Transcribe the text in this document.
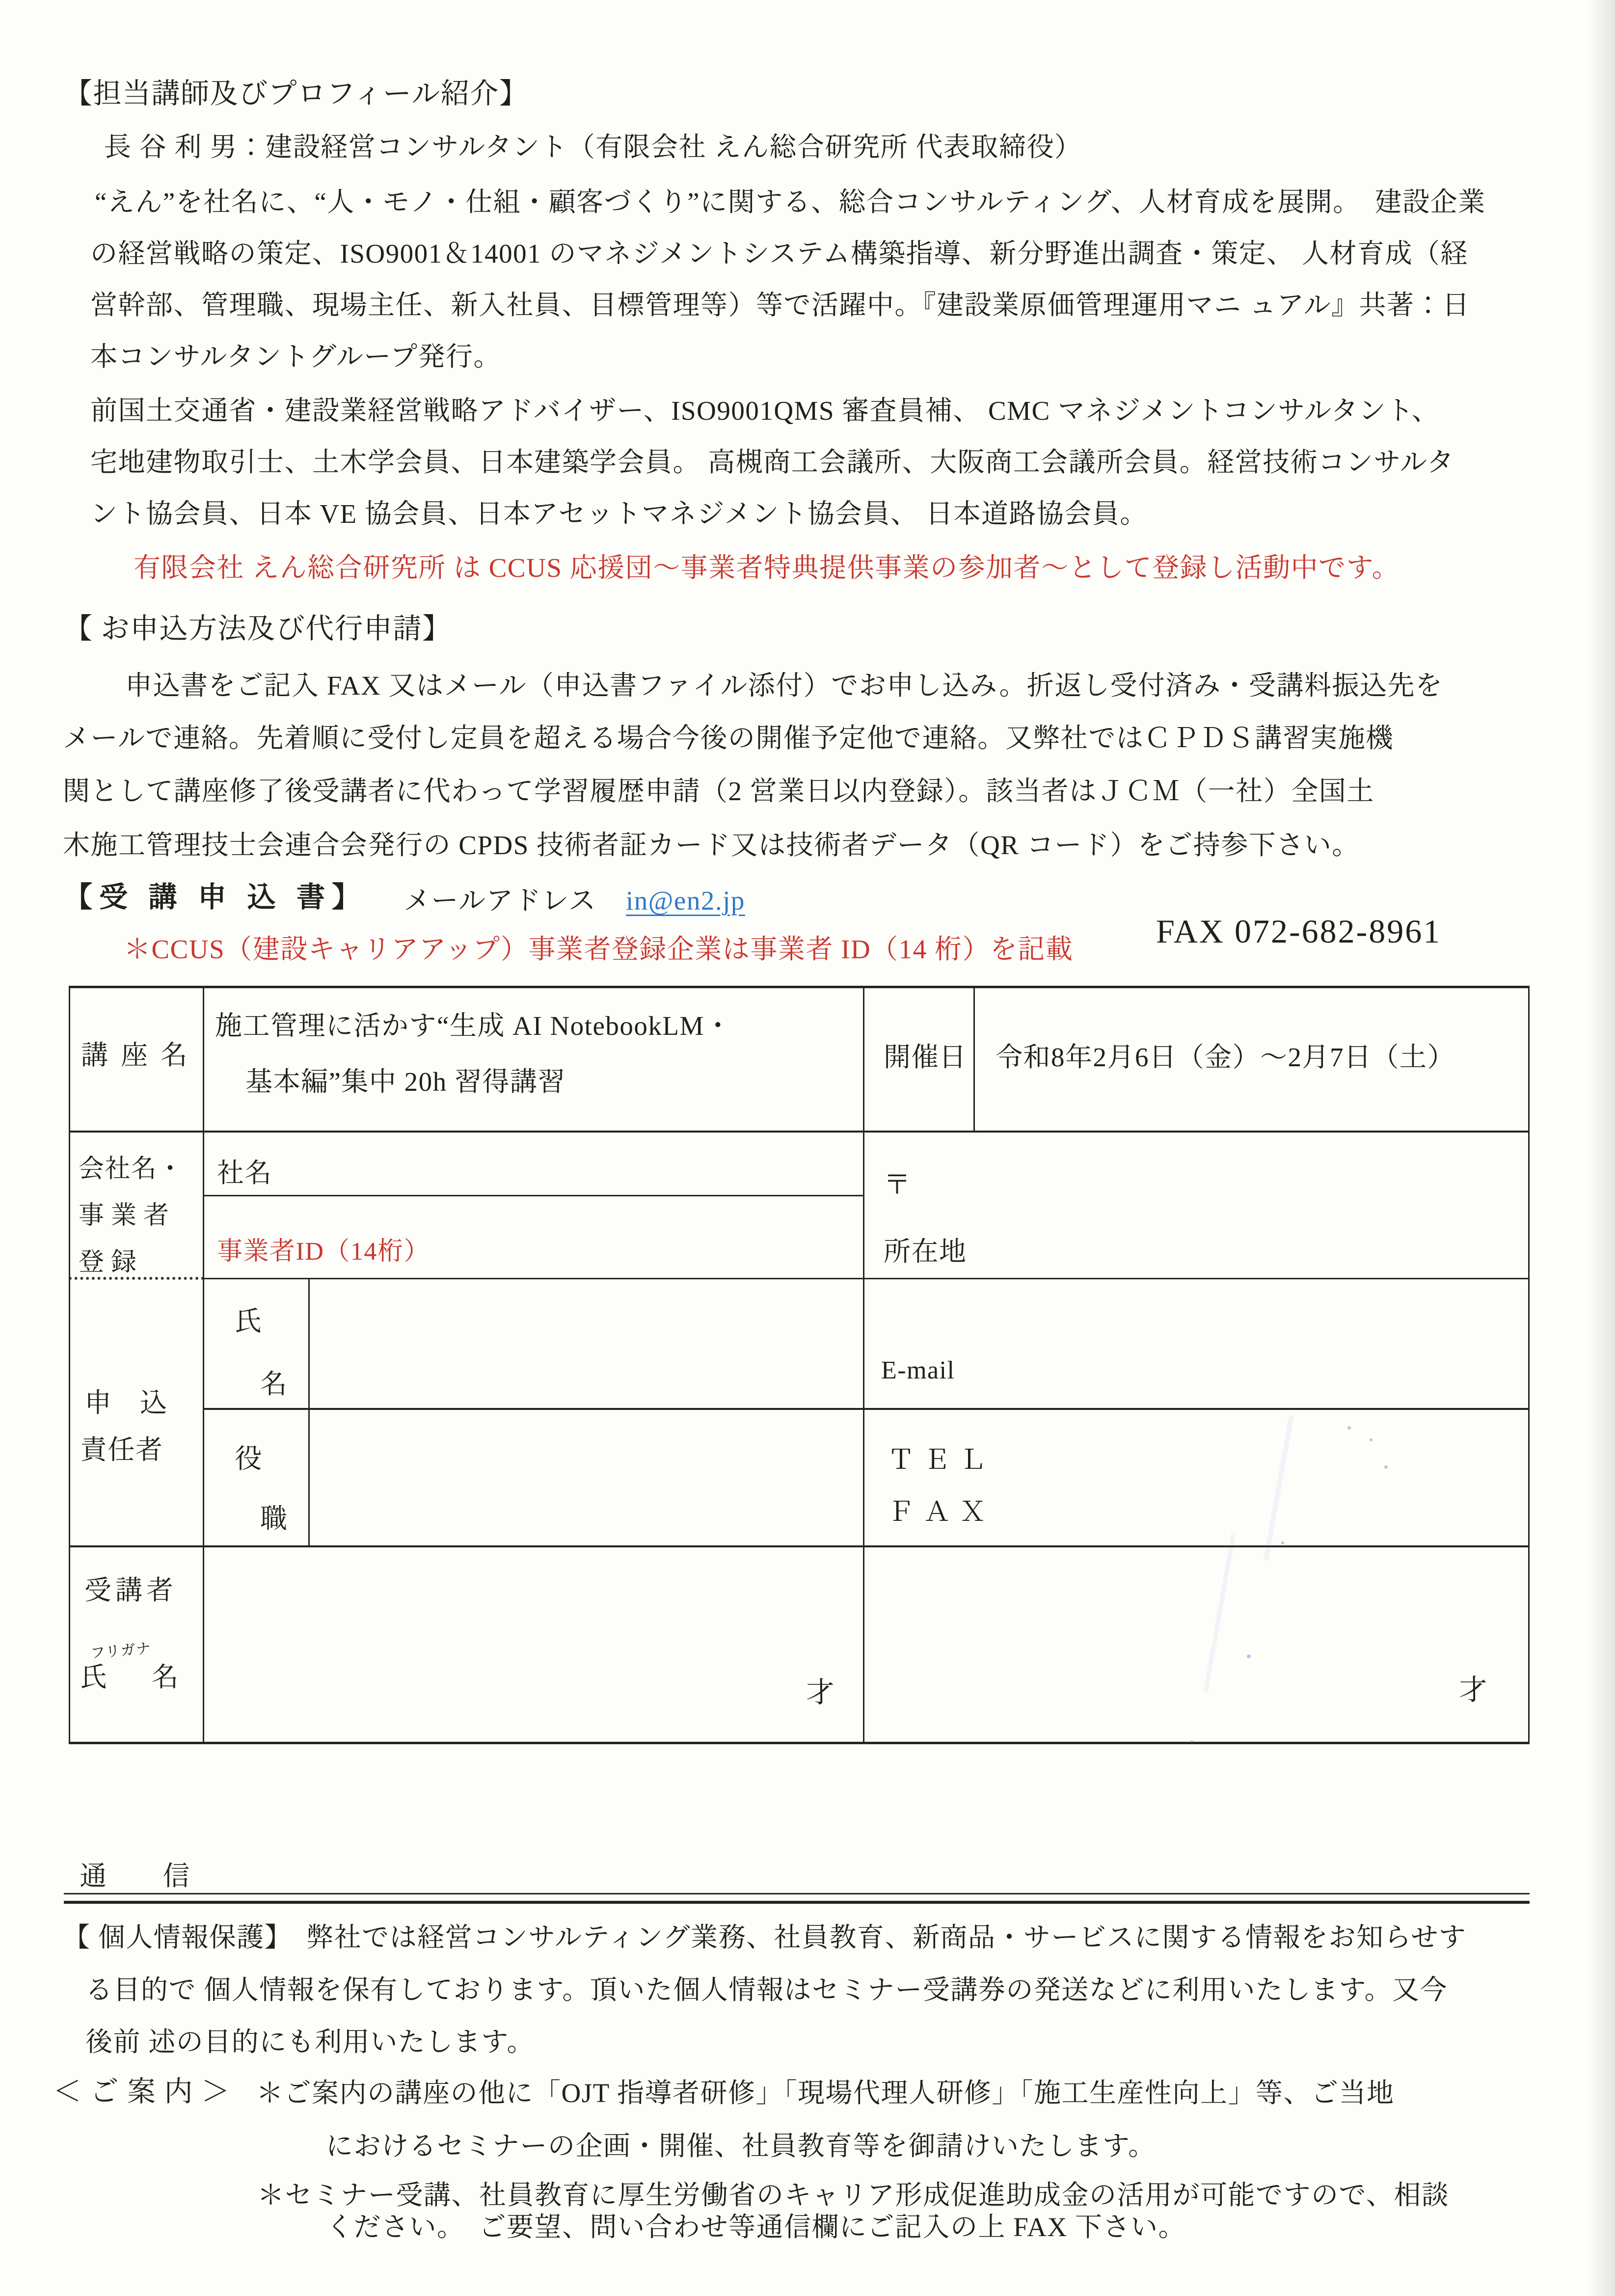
【担当講師及びプロフィール紹介】
長 谷 利 男：建設経営コンサルタント（有限会社 えん総合研究所 代表取締役）
“えん”を社名に、“人・モノ・仕組・顧客づくり”に関する、総合コンサルティング、人材育成を展開。　建設企業
の経営戦略の策定、ISO9001＆14001 のマネジメントシステム構築指導、新分野進出調査・策定、 人材育成（経
営幹部、管理職、現場主任、新入社員、目標管理等）等で活躍中。『建設業原価管理運用マニ ュアル』共著：日
本コンサルタントグループ発行。
前国土交通省・建設業経営戦略アドバイザー、ISO9001QMS 審査員補、 CMC マネジメントコンサルタント、
宅地建物取引士、土木学会員、日本建築学会員。 高槻商工会議所、大阪商工会議所会員。経営技術コンサルタ
ント協会員、日本 VE 協会員、日本アセットマネジメント協会員、 日本道路協会員。
有限会社 えん総合研究所 は CCUS 応援団～事業者特典提供事業の参加者～として登録し活動中です。
【 お申込方法及び代行申請】
申込書をご記入 FAX 又はメール（申込書ファイル添付）でお申し込み。折返し受付済み・受講料振込先を
メールで連絡。先着順に受付し定員を超える場合今後の開催予定他で連絡。又弊社ではＣＰＤＳ講習実施機
関として講座修了後受講者に代わって学習履歴申請（2 営業日以内登録）。該当者はＪＣＭ（一社）全国土
木施工管理技士会連合会発行の CPDS 技術者証カード又は技術者データ（QR コード）をご持参下さい。
【受 講 申 込 書】 メールアドレス in@en2.jp
FAX 072-682-8961
＊CCUS（建設キャリアアップ）事業者登録企業は事業者 ID（14 桁）を記載
講座名
施工管理に活かす“生成 AI NotebookLM・
基本編”集中 20h 習得講習
開催日 令和8年2月6日（金）～2月7日（土）
会社名・
事業者
登録
社名
事業者ID（14桁）
〒
所在地
申　込
責任者
氏
名
役
職
E-mail
ＴＥＬ
ＦＡＸ
受講者
フリガナ
氏　名	才	才
通　　信
【 個人情報保護】　弊社では経営コンサルティング業務、社員教育、新商品・サービスに関する情報をお知らせす
る目的で 個人情報を保有しております。頂いた個人情報はセミナー受講券の発送などに利用いたします。又今
後前 述の目的にも利用いたします。
＜ ご 案 内 ＞ ＊ご案内の講座の他に「OJT 指導者研修」「現場代理人研修」「施工生産性向上」等、ご当地
におけるセミナーの企画・開催、社員教育等を御請けいたします。
＊セミナー受講、社員教育に厚生労働省のキャリア形成促進助成金の活用が可能ですので、相談
ください。　ご要望、問い合わせ等通信欄にご記入の上 FAX 下さい。
